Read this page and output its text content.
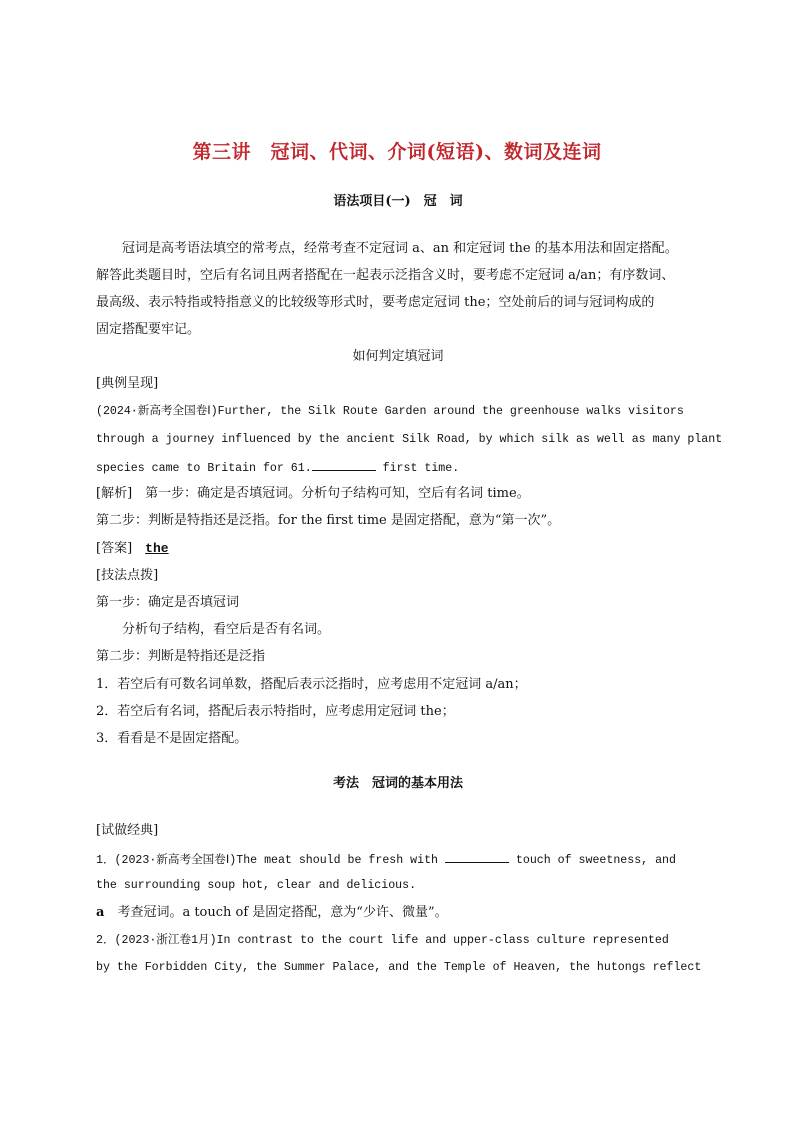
第三讲　冠词、代词、介词(短语)、数词及连词
语法项目(一)　冠　词
冠词是高考语法填空的常考点，经常考查不定冠词 a、an 和定冠词 the 的基本用法和固定搭配。
解答此类题目时，空后有名词且两者搭配在一起表示泛指含义时，要考虑不定冠词 a/an；有序数词、
最高级、表示特指或特指意义的比较级等形式时，要考虑定冠词 the；空处前后的词与冠词构成的
固定搭配要牢记。
如何判定填冠词
[典例呈现]
(2024·新高考全国卷Ⅰ)Further, the Silk Route Garden around the greenhouse walks visitors
through a journey influenced by the ancient Silk Road, by which silk as well as many plant
species came to Britain for 61.	first time.
[解析]　第一步：确定是否填冠词。分析句子结构可知，空后有名词 time。
第二步：判断是特指还是泛指。for the first time 是固定搭配，意为“第一次”。
[答案]　 the
[技法点拨]
第一步：确定是否填冠词
分析句子结构，看空后是否有名词。
第二步：判断是特指还是泛指
1．若空后有可数名词单数，搭配后表示泛指时，应考虑用不定冠词 a/an；
2．若空后有名词，搭配后表示特指时，应考虑用定冠词 the；
3．看看是不是固定搭配。
考法　冠词的基本用法
[试做经典]
1．(2023·新高考全国卷Ⅰ)The meat should be fresh with	touch of sweetness, and
the surrounding soup hot, clear and delicious.
a　考查冠词。a touch of 是固定搭配，意为“少许、微量”。
2．(2023·浙江卷1月)In contrast to the court life and upper-class culture represented
by the Forbidden City, the Summer Palace, and the Temple of Heaven, the hutongs reflect
